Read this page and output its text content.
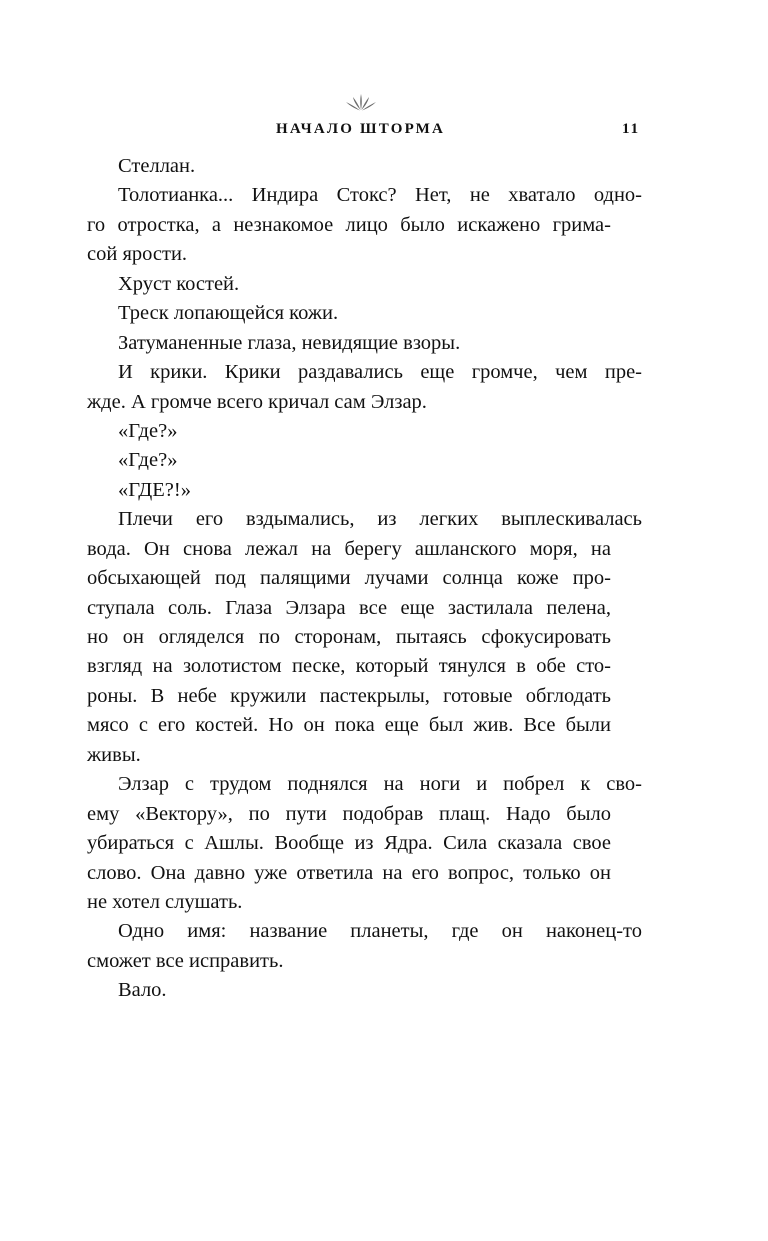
НАЧАЛО ШТОРМА	11
Стеллан.
Толотианка... Индира Стокс? Нет, не хватало одно-
го отростка, а незнакомое лицо было искажено грима-
сой ярости.
Хруст костей.
Треск лопающейся кожи.
Затуманенные глаза, невидящие взоры.
И крики. Крики раздавались еще громче, чем пре-
жде. А громче всего кричал сам Элзар.
«Где?»
«Где?»
«ГДЕ?!»
Плечи его вздымались, из легких выплескивалась
вода. Он снова лежал на берегу ашланского моря, на
обсыхающей под палящими лучами солнца коже про-
ступала соль. Глаза Элзара все еще застилала пелена,
но он огляделся по сторонам, пытаясь сфокусировать
взгляд на золотистом песке, который тянулся в обе сто-
роны. В небе кружили пастекрылы, готовые обглодать
мясо с его костей. Но он пока еще был жив. Все были
живы.
Элзар с трудом поднялся на ноги и побрел к сво-
ему «Вектору», по пути подобрав плащ. Надо было
убираться с Ашлы. Вообще из Ядра. Сила сказала свое
слово. Она давно уже ответила на его вопрос, только он
не хотел слушать.
Одно имя: название планеты, где он наконец-то
сможет все исправить.
Вало.
